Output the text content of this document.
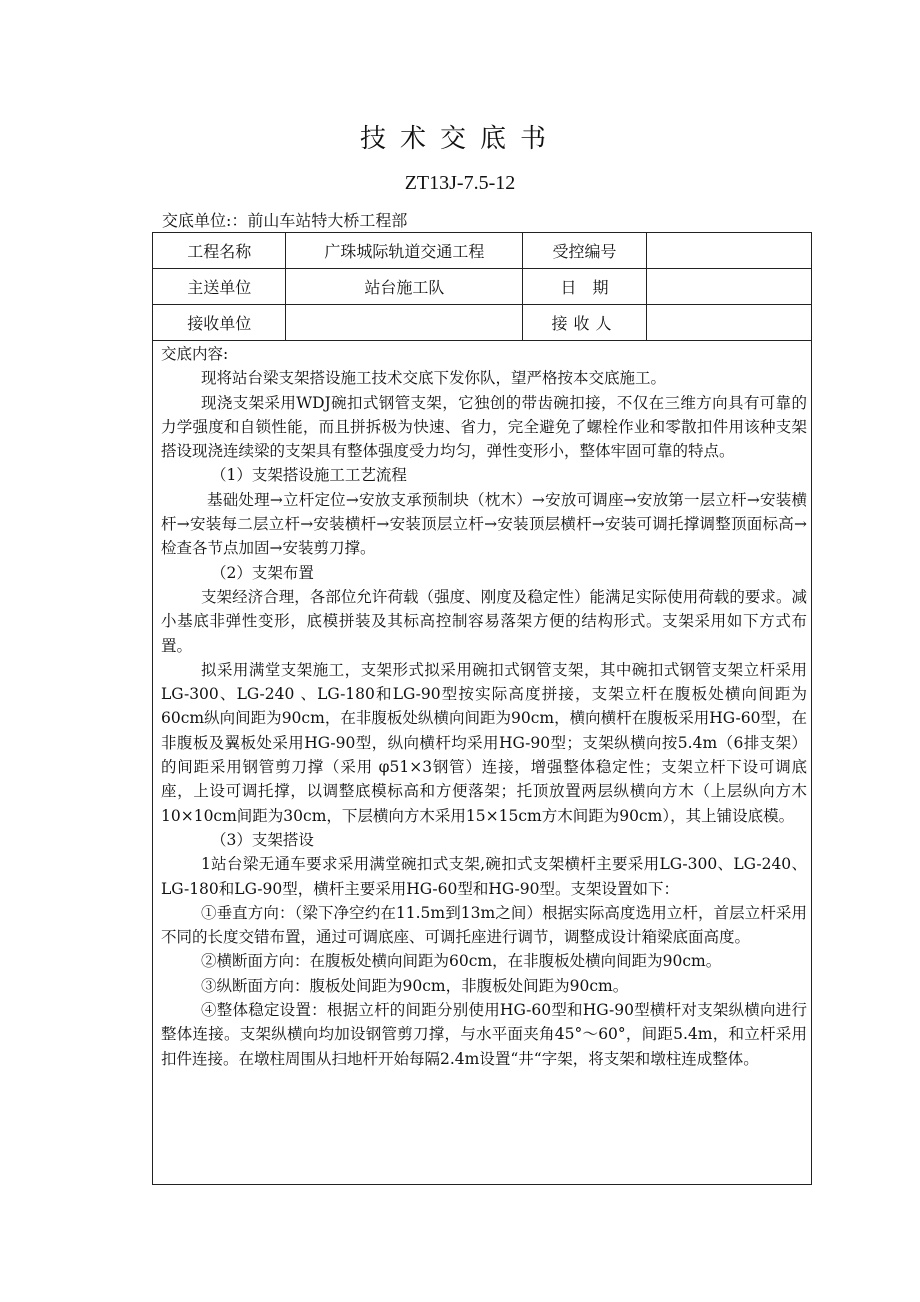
技术交底书
ZT13J-7.5-12
交底单位:：前山车站特大桥工程部
工程名称	广珠城际轨道交通工程	受控编号	
主送单位	站台施工队	日　期	
接收单位		接收人	

交底内容:

现将站台梁支架搭设施工技术交底下发你队，望严格按本交底施工。

现浇支架采用WDJ碗扣式钢管支架，它独创的带齿碗扣接，不仅在三维方向具有可靠的力学强度和自锁性能，而且拼拆极为快速、省力，完全避免了螺栓作业和零散扣件用该种支架搭设现浇连续梁的支架具有整体强度受力均匀，弹性变形小，整体牢固可靠的特点。

（1）支架搭设施工工艺流程

基础处理→立杆定位→安放支承预制块（枕木）→安放可调座→安放第一层立杆→安装横杆→安装每二层立杆→安装横杆→安装顶层立杆→安装顶层横杆→安装可调托撑调整顶面标高→检查各节点加固→安装剪刀撑。

（2）支架布置

支架经济合理，各部位允许荷载（强度、刚度及稳定性）能满足实际使用荷载的要求。减小基底非弹性变形，底模拼装及其标高控制容易落架方便的结构形式。支架采用如下方式布置。

拟采用满堂支架施工，支架形式拟采用碗扣式钢管支架，其中碗扣式钢管支架立杆采用LG-300、LG-240 、LG-180和LG-90型按实际高度拼接，支架立杆在腹板处横向间距为60cm纵向间距为90cm，在非腹板处纵横向间距为90cm，横向横杆在腹板采用HG-60型，在非腹板及翼板处采用HG-90型，纵向横杆均采用HG-90型；支架纵横向按5.4m（6排支架）的间距采用钢管剪刀撑（采用 φ51×3钢管）连接，增强整体稳定性；支架立杆下设可调底座，上设可调托撑，以调整底模标高和方便落架；托顶放置两层纵横向方木（上层纵向方木10×10cm间距为30cm，下层横向方木采用15×15cm方木间距为90cm），其上铺设底模。

（3）支架搭设

1站台梁无通车要求采用满堂碗扣式支架,碗扣式支架横杆主要采用LG-300、LG-240、LG-180和LG-90型，横杆主要采用HG-60型和HG-90型。支架设置如下：

①垂直方向：（梁下净空约在11.5m到13m之间）根据实际高度选用立杆，首层立杆采用不同的长度交错布置，通过可调底座、可调托座进行调节，调整成设计箱梁底面高度。

②横断面方向：在腹板处横向间距为60cm，在非腹板处横向间距为90cm。

③纵断面方向：腹板处间距为90cm，非腹板处间距为90cm。

④整体稳定设置：根据立杆的间距分别使用HG-60型和HG-90型横杆对支架纵横向进行整体连接。支架纵横向均加设钢管剪刀撑，与水平面夹角45°～60°，间距5.4m，和立杆采用扣件连接。在墩柱周围从扫地杆开始每隔2.4m设置“井“字架，将支架和墩柱连成整体。
